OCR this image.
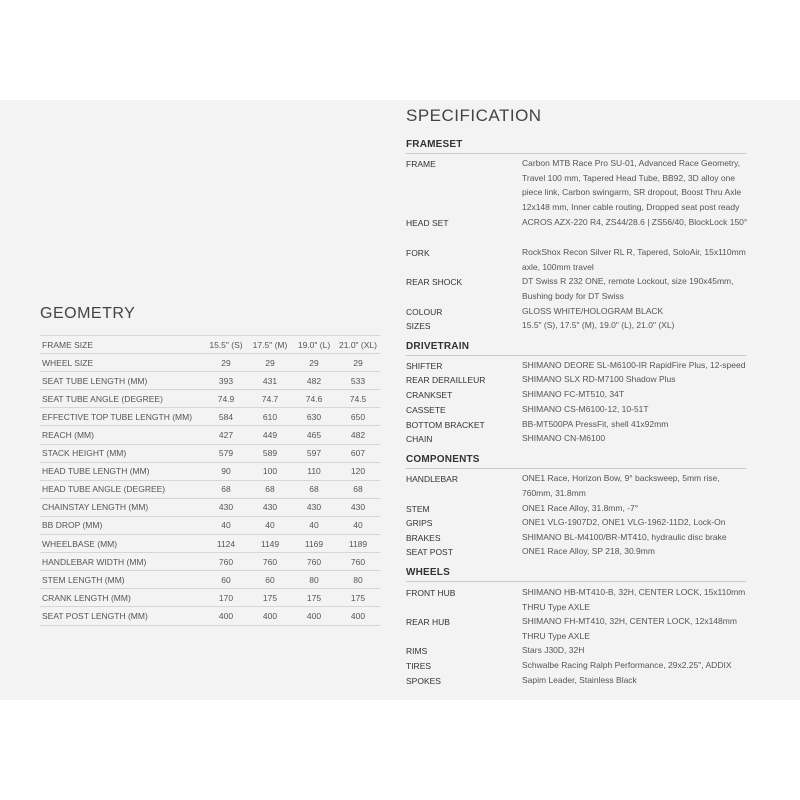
GEOMETRY
FRAME SIZE	15.5" (S)	17.5" (M)	19.0" (L)	21.0" (XL)
WHEEL SIZE	29	29	29	29
SEAT TUBE LENGTH (MM)	393	431	482	533
SEAT TUBE ANGLE (DEGREE)	74.9	74.7	74.6	74.5
EFFECTIVE TOP TUBE LENGTH (MM)	584	610	630	650
REACH (MM)	427	449	465	482
STACK HEIGHT (MM)	579	589	597	607
HEAD TUBE LENGTH (MM)	90	100	110	120
HEAD TUBE ANGLE (DEGREE)	68	68	68	68
CHAINSTAY LENGTH (MM)	430	430	430	430
BB DROP (MM)	40	40	40	40
WHEELBASE (MM)	1124	1149	1169	1189
HANDLEBAR WIDTH (MM)	760	760	760	760
STEM LENGTH (MM)	60	60	80	80
CRANK LENGTH (MM)	170	175	175	175
SEAT POST LENGTH (MM)	400	400	400	400
SPECIFICATION
FRAMESET
FRAME	Carbon MTB Race Pro SU-01, Advanced Race Geometry, Travel 100 mm, Tapered Head Tube, BB92, 3D alloy one piece link, Carbon swingarm, SR dropout, Boost Thru Axle 12x148 mm, Inner cable routing, Dropped seat post ready
HEAD SET	ACROS AZX-220 R4, ZS44/28.6 | ZS56/40, BlockLock 150°
FORK	RockShox Recon Silver RL R, Tapered, SoloAir, 15x110mm axle, 100mm travel
REAR SHOCK	DT Swiss R 232 ONE, remote Lockout, size 190x45mm, Bushing body for DT Swiss
COLOUR	GLOSS WHITE/HOLOGRAM BLACK
SIZES	15.5" (S), 17.5" (M), 19.0" (L), 21.0" (XL)
DRIVETRAIN
SHIFTER	SHIMANO DEORE SL-M6100-IR RapidFire Plus, 12-speed
REAR DERAILLEUR	SHIMANO SLX RD-M7100 Shadow Plus
CRANKSET	SHIMANO FC-MT510, 34T
CASSETE	SHIMANO CS-M6100-12, 10-51T
BOTTOM BRACKET	BB-MT500PA PressFit, shell 41x92mm
CHAIN	SHIMANO CN-M6100
COMPONENTS
HANDLEBAR	ONE1 Race, Horizon Bow, 9° backsweep, 5mm rise, 760mm, 31.8mm
STEM	ONE1 Race Alloy, 31.8mm, -7°
GRIPS	ONE1 VLG-1907D2, ONE1 VLG-1962-11D2, Lock-On
BRAKES	SHIMANO BL-M4100/BR-MT410, hydraulic disc brake
SEAT POST	ONE1 Race Alloy, SP 218, 30.9mm
WHEELS
FRONT HUB	SHIMANO HB-MT410-B, 32H, CENTER LOCK, 15x110mm THRU Type AXLE
REAR HUB	SHIMANO FH-MT410, 32H, CENTER LOCK, 12x148mm THRU Type AXLE
RIMS	Stars J30D, 32H
TIRES	Schwalbe Racing Ralph Performance, 29x2.25", ADDIX
SPOKES	Sapim Leader, Stainless Black
